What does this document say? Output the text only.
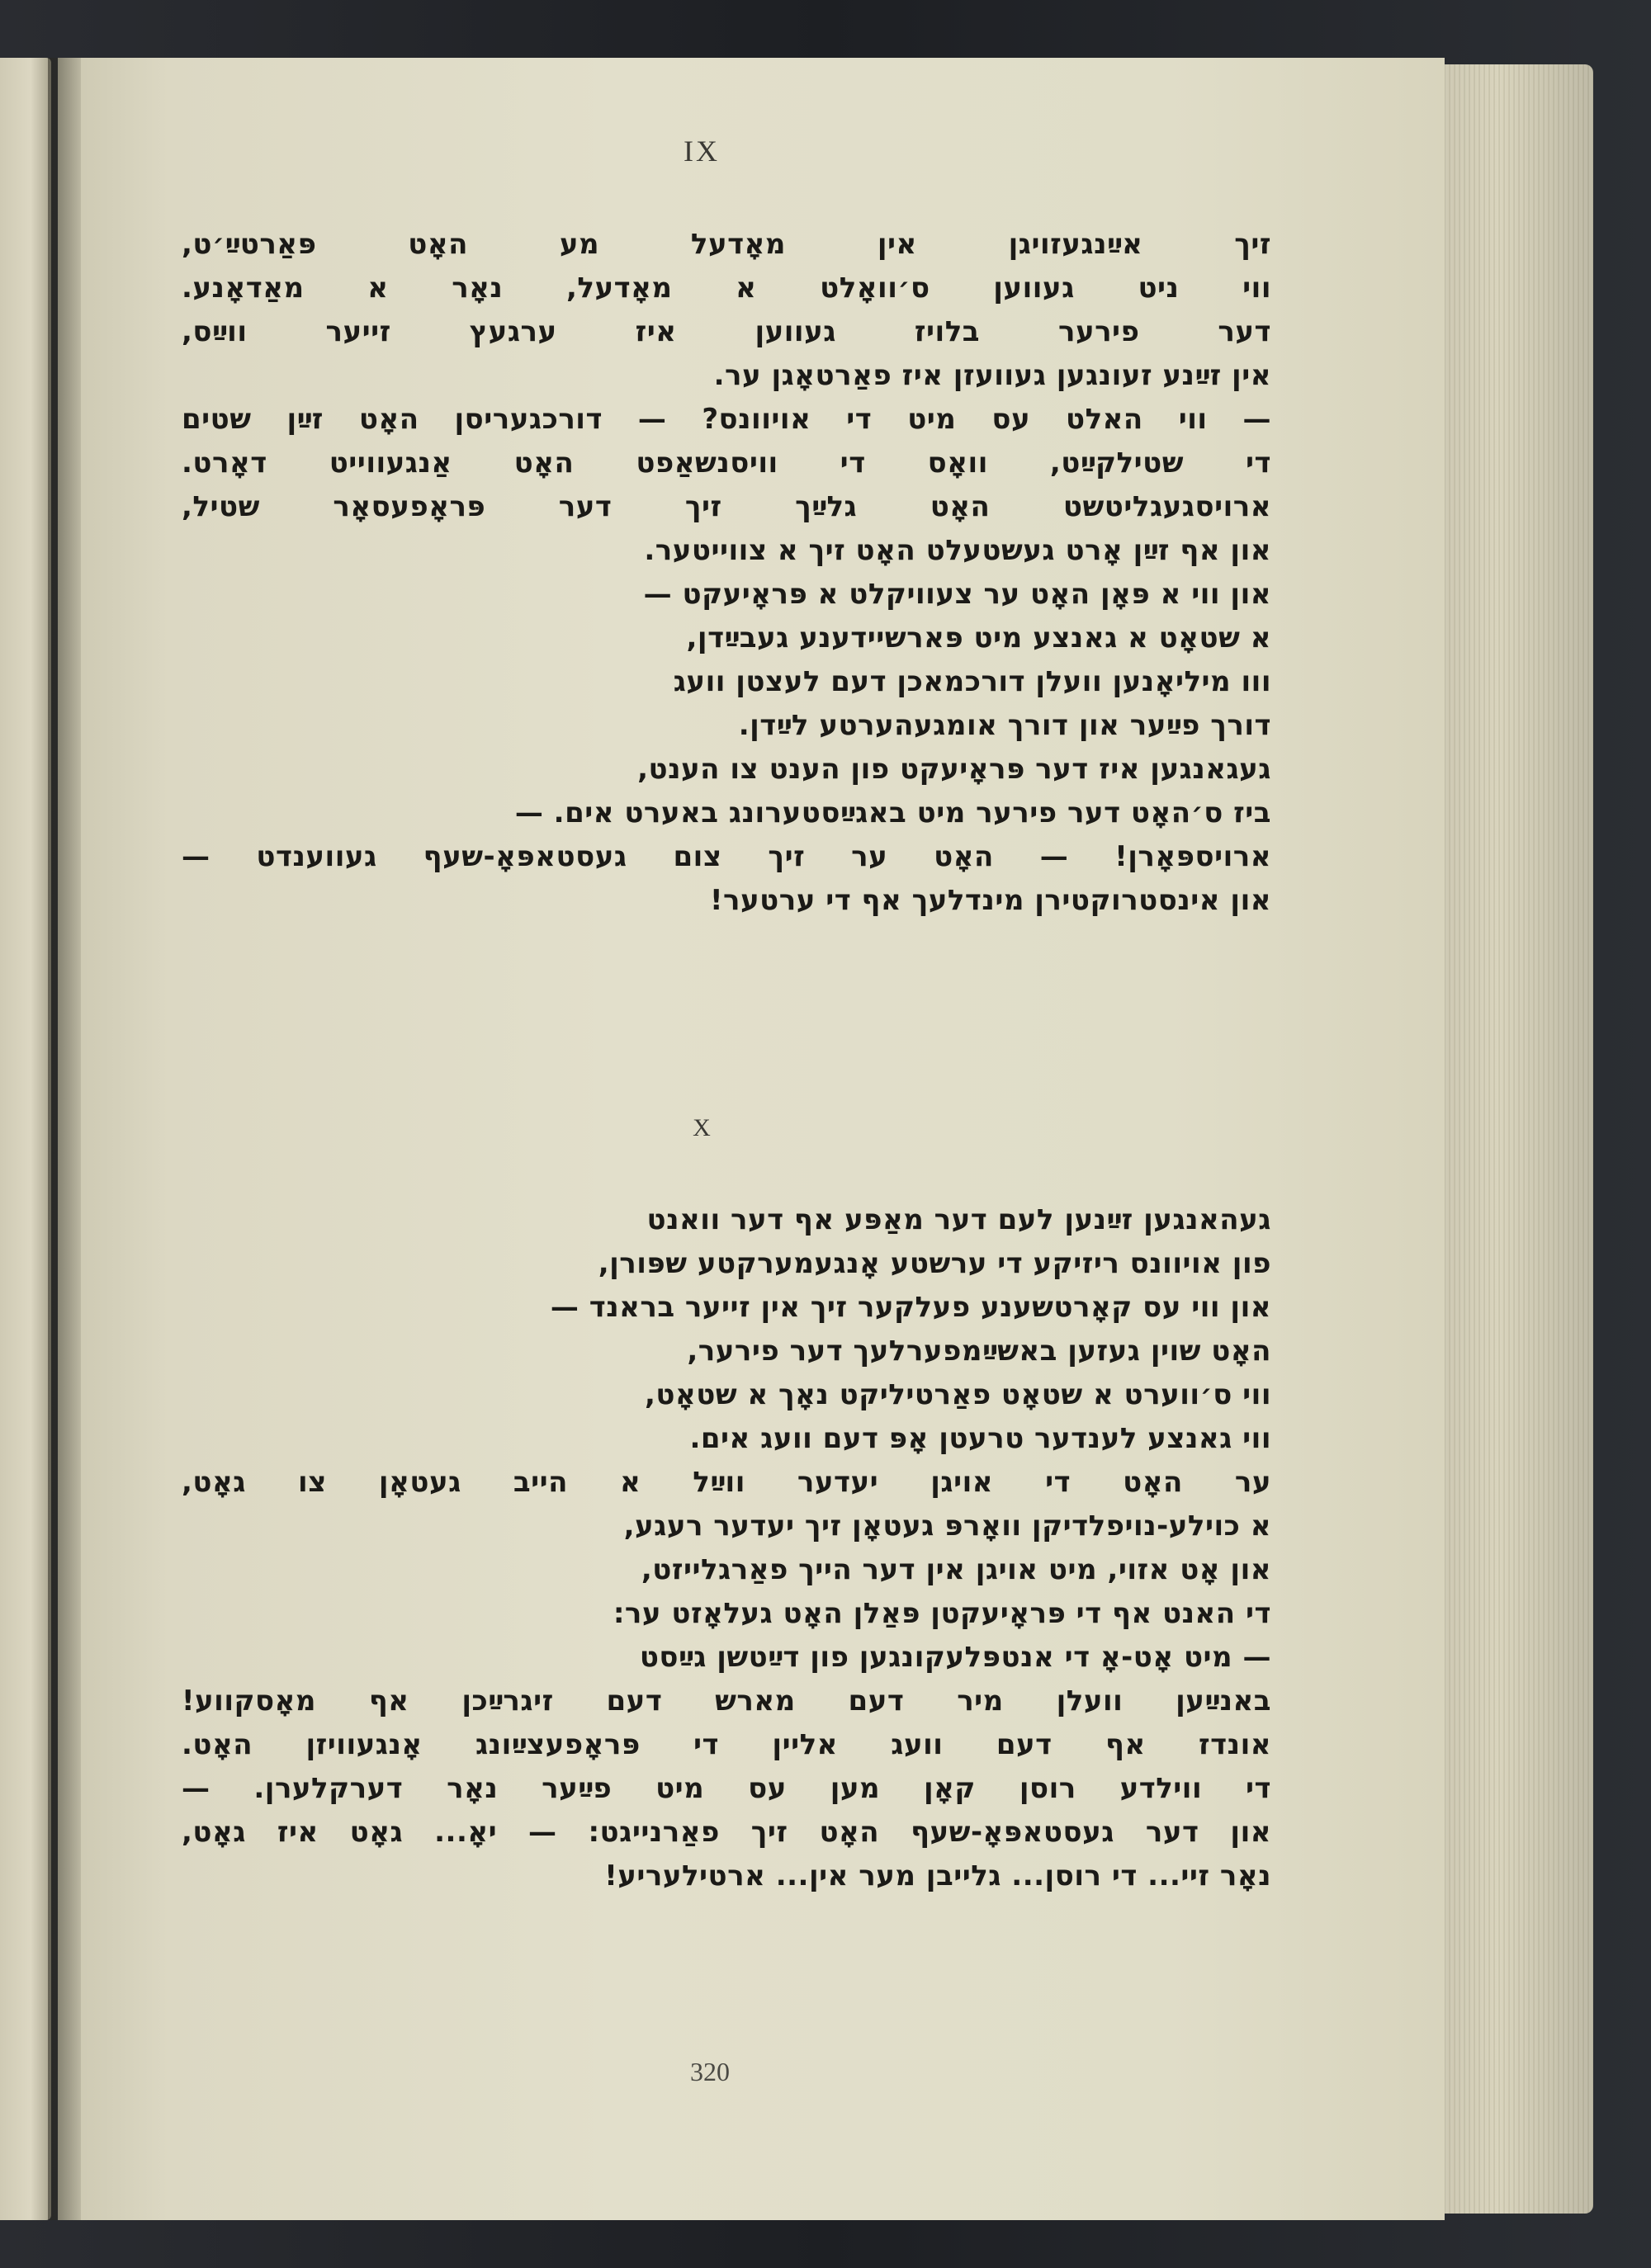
IX
זיך אײַנגעזויגן אין מאָדעל מע האָט פּאַרטײַ׳ט,
ווי ניט געווען ס׳וואָלט א מאָדעל, נאָר א מאַדאָנע.
דער פירער בלויז געווען איז ערגעץ זייער ווײַס,
אין זײַנע זעונגען געוועזן איז פאַרטאָגן ער.
— ווי האלט עס מיט די אויוונס? — דורכגעריסן האָט זײַן שטים
די שטילקײַט, וואָס די וויסנשאַפט האָט אַנגעווייט דאָרט.
ארויסגעגליטשט האָט גלײַך זיך דער פּראָפעסאָר שטיל,
און אף זײַן אָרט געשטעלט האָט זיך א צווייטער.
און ווי א פּאָן האָט ער צעוויקלט א פּראָיעקט —
א שטאָט א גאנצע מיט פּארשיידענע געבײַדן,
ווו מיליאָנען וועלן דורכמאכן דעם לעצטן וועג
דורך פײַער און דורך אומגעהערטע לײַדן.
געגאנגען איז דער פּראָיעקט פון הענט צו הענט,
ביז ס׳האָט דער פירער מיט באגײַסטערונג באערט אים. —
ארויספּאָרן! — האָט ער זיך צום געסטאפּאָ-שעף געווענדט —
און אינסטרוקטירן מינדלעך אף די ערטער!
X
געהאנגען זײַנען לעם דער מאַפּע אף דער וואנט
פון אויוונס ריזיקע די ערשטע אָנגעמערקטע שפּורן,
און ווי עס קאָרטשענע פעלקער זיך אין זייער בראנד —
האָט שוין געזען באשײַמפערלעך דער פירער,
ווי ס׳ווערט א שטאָט פאַרטיליקט נאָך א שטאָט,
ווי גאנצע לענדער טרעטן אָפּ דעם וועג אים.
ער האָט די אויגן יעדער ווײַל א הייב געטאָן צו גאָט,
א כוילע-נויפלדיקן וואָרפּ געטאָן זיך יעדער רעגע,
און אָט אזוי, מיט אויגן אין דער הייך פאַרגלייזט,
די האנט אף די פּראָיעקטן פּאַלן האָט געלאָזט ער:
— מיט אָט-אָ די אנטפּלעקונגען פון דײַטשן גײַסט
באנײַען וועלן מיר דעם מארש דעם זיגרײַכן אף מאָסקווע!
אונדז אף דעם וועג אליין די פּראָפעצײַונג אָנגעוויזן האָט.
די ווילדע רוסן קאָן מען עס מיט פײַער נאָר דערקלערן. —
און דער געסטאפּאָ-שעף האָט זיך פאַרנייגט: — יאָ... גאָט איז גאָט,
נאָר זיי... די רוסן... גלייבן מער אין... ארטילעריע!
320
